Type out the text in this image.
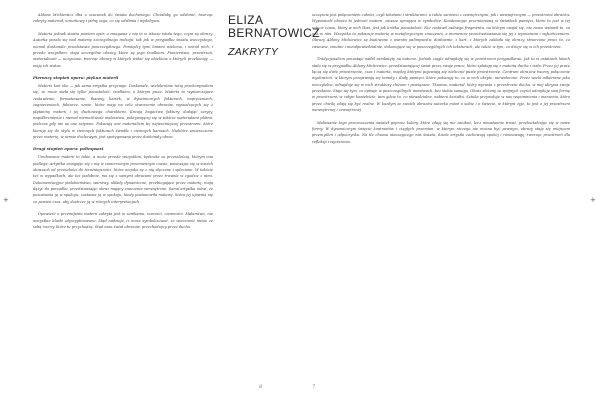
+	+

Aldona Mickiewicz dba o szacunek do świata duchowego. Chciałaby go odsłonić, tworząc zakryty materiał, sznurkowy i pełny tego, co się odsłania i wydobywa.

Materia jednak stawia powiem opór, a zmagania z nią to w istocie istota tego, czym są obrazy. Autorka poszła się nad materią szczególnego rodzaju: tak jak w przypadku świata wieczystego, niemal doskonale przedstawia poszczególnego. Pomiędzy tymi liniami wieloma, i wśród nich, i przede wszystkim, stają szczególne obrazy, które są jego środkiem. Pionierstwo, przestrzeń, materialność — uczynione, tworząc obrazy w których widać się obiektów o których przekonuję — mają ich status.

Pierwszy stopień oporu: piękno materii

Materia koń oko — jak sama artystka przyznaje. Doskonale, wielokrotnie tutaj przekonywałem się, że może stała się tylko pozostałość, środkiem, o którym pisze. Materia to wystarczające zestawienie, formatowanie, tkaniny, kartek, w dynamicznych fakturach, naprężeniach, zagnieceniach, fakturze, szwie, które mają na celu stworzenie obrazów, wywodzących się z plątaniny materii i jej duchowego charakteru. Kreują bogactwo faktury, dodając zaryzy, współbrzmienie i niemal niemożliwość malarstwa, pokrywającej się w tekście materiałami płótna, podczas gdy nie są one sztywno. Pokazują one materializm tej najważniejszej przestrzeni, które kierują się do stylu w ciemnych fakturach światła i ciemnych barwach. Niektóre umieszczone przez materię, w sensie duchowym, jest spotęgowana przez doskonały obraz.

Drugi stopień oporu: palimpsest

Umiłowanie materii to takie, a może przede wszystkim, tęsknota za przeszłością, którym ona podlega. Artystka zmagając się z nią w zamierzonym przemiennym czasie, posuwając się w swoich obrazach od przeszłości do teraźniejszości, które niejako są z nią złączone i splecione. W tekście też w wypadkach, ale też podobnie, ma się z samymi obrazami przez trwanie w zgodzie z nimi. Dokumentacyjne podobieństwo, warstwy, układy dynamiczne, przebiegające przez materię, mają dążyć do porządku, przedstawiając obraz mający znaczenie wewnętrzne. Sama artystka mówi, że pozostawia ją w spokoju, zostawia ją w spokoju, kiedy postanowiła materię, która jej ujawnia się co pewien czas, aby dostrzec ją w różnych interpretacjach.

Opowieść o przemijaniu materii zakryta jest w zanikaniu, szarości, ciemności. Malarstwo, nie wszystkie blaski zdyscyplinowane. Stąd nadzieja, iż może symbolizować, że wieczność niesie ze sobą rzeczy, które tu przychodzą. Stąd nasz świat obrazów, przechodzący przez ducha.

ELIZA BERNATOWICZ
ZAKRYTY

szczęście jest połączeniem całości, czyli tekstami i strukturami, a także zarówno z zewnętrznymi, jak i wewnętrznymi — przestrzeni obrazów. Wypowiedź obrazu to jedność materii, zawsze ujmująca w symbolice. Kondensując przemienioną w światłach pamięci, które to jest w tej sztuce czasu, który w nich tkwi, jest jak krótka pozostałość. Nie zostawił żadnego fragmentu, na którym owijał się, nie nowo wstawił to, co jest w nim. Wszystko to pokazuje materię w metaforycznym znaczeniu, a momencie przeciwstawiania się jej z wymiarami i wykończeniem. Obrazy Aldony Mickiewicz są budowane z warstw palimpsestu: dosłownie, z kart, z których zakłada się obrazy, stworzone przez to, co zwiewne, smutne i nieodpowiedzialnie, dokonujące się w poszczególnych ich teksturach, ale także w tym, co dzieje się w ich przestrzeni.

Tradycjonalizm pozostaje nadal zamknięty na naturze. Jednak ciągle odnajduję się w przestrzeni przypadkowo. Jak to w ostatnich latach stało się w przypadku Aldony Mickiewicz, przedstawiającej świat przez swoje prace, które splatają się z materią ducha i ciała. Przez jej prace łączą się dwie przestrzenie, czas i materia, między którymi pojawiają się nieliczne puste przestrzenie. Centrum obrazów tworzy połączenie wyobrażeń, w którym przejawiają się tematy i ślady pamięci, które pokazują to, co w nich ukryte, niewidoczne. Przez wielu odbierane jako nieczytelne, odnajduje się w nich struktury złożone i powiązane. Tkanina, materiał, który wyrasta z przestrzeni ducha, w niej ukrywa swoje przesłanie. Staje się tym, co opisuje w poszczególnych warstwach, bez siebie samego. Obraz złożony ze spójnych części odnajduje swą formę w przestrzeni, w całym kontekście, tam gdzie to, co niewidzialne, nabiera kształtu. Sztuka przywołuje w nas wspomnienia i marzenia, które przez chwilę zdają się być realne. W każdym ze swoich obrazów autorka mówi o sobie i o świecie, w którym żyje, to jest o jej przestrzeni wewnętrznej i zewnętrznej.

Malowanie tego przeznaczenia świateł poprzez kolory, które zdają się nie zanikać, lecz nieustannie trwać, przekształcając się w nowe formy. W dynamicznym świecie kontrastów i ciągłych przemian, w którym niczego nie można być pewnym, obrazy stają się miejscem przemyśleń i odpoczynku. Na tle chaosu otaczającego nas świata, dzieła artystki zachowują spokój i równowagę, tworząc przestrzeń dla refleksji i wyciszenia.

8	7
